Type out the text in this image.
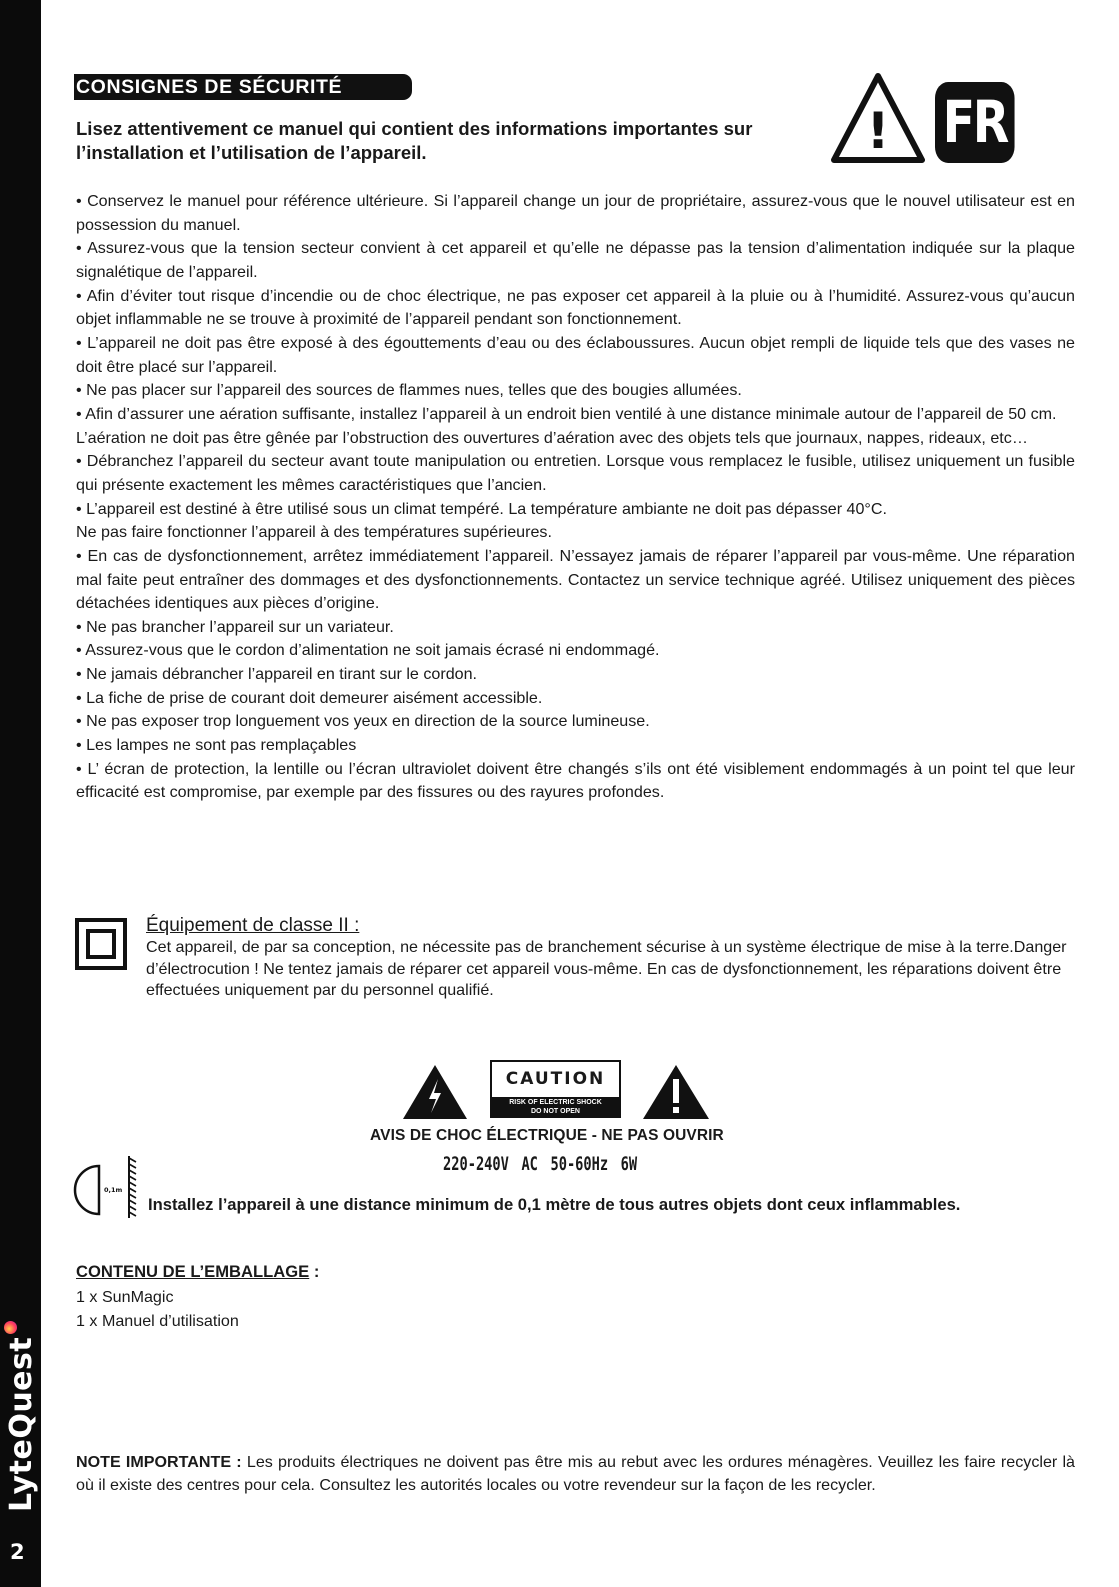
LyteQuest
2
CONSIGNES DE SÉCURITÉ
Lisez attentivement ce manuel qui contient des informations importantes sur l’installation et l’utilisation de l’appareil.	! FR

• Conservez le manuel pour référence ultérieure. Si l’appareil change un jour de propriétaire, assurez-vous que le nouvel utilisateur est en possession du manuel.

• Assurez-vous que la tension secteur convient à cet appareil et qu’elle ne dépasse pas la tension d’alimentation indiquée sur la plaque signalétique de l’appareil.

• Afin d’éviter tout risque d’incendie ou de choc électrique, ne pas exposer cet appareil à la pluie ou à l’humidité. Assurez-vous qu’aucun objet inflammable ne se trouve à proximité de l’appareil pendant son fonctionnement.

• L’appareil ne doit pas être exposé à des égouttements d’eau ou des éclaboussures. Aucun objet rempli de liquide tels que des vases ne doit être placé sur l’appareil.

• Ne pas placer sur l’appareil des sources de flammes nues, telles que des bougies allumées.

• Afin d’assurer une aération suffisante, installez l’appareil à un endroit bien ventilé à une distance minimale autour de l’appareil de 50 cm.

L’aération ne doit pas être gênée par l’obstruction des ouvertures d’aération avec des objets tels que journaux, nappes, rideaux, etc…

• Débranchez l’appareil du secteur avant toute manipulation ou entretien. Lorsque vous remplacez le fusible, utilisez uniquement un fusible qui présente exactement les mêmes caractéristiques que l’ancien.

• L’appareil est destiné à être utilisé sous un climat tempéré. La température ambiante ne doit pas dépasser 40°C.

Ne pas faire fonctionner l’appareil à des températures supérieures.

• En cas de dysfonctionnement, arrêtez immédiatement l’appareil. N’essayez jamais de réparer l’appareil par vous-même. Une réparation mal faite peut entraîner des dommages et des dysfonctionnements. Contactez un service technique agréé. Utilisez uniquement des pièces détachées identiques aux pièces d’origine.

• Ne pas brancher l’appareil sur un variateur.

• Assurez-vous que le cordon d’alimentation ne soit jamais écrasé ni endommagé.

• Ne jamais débrancher l’appareil en tirant sur le cordon.

• La fiche de prise de courant doit demeurer aisément accessible.

• Ne pas exposer trop longuement vos yeux en direction de la source lumineuse.

• Les lampes ne sont pas remplaçables

• L’ écran de protection, la lentille ou l’écran ultraviolet doivent être changés s’ils ont été visiblement endommagés à un point tel que leur efficacité est compromise, par exemple par des fissures ou des rayures profondes.

Équipement de classe II :
Cet appareil, de par sa conception, ne nécessite pas de branchement sécurise à un système électrique de mise à la terre.Danger d’électrocution ! Ne tentez jamais de réparer cet appareil vous-même. En cas de dysfonctionnement, les réparations doivent être effectuées uniquement par du personnel qualifié.
CAUTION
RISK OF ELECTRIC SHOCK
DO NOT OPEN
AVIS DE CHOC ÉLECTRIQUE - NE PAS OUVRIR
220-240V AC 50-60Hz 6W
0,1m
Installez l’appareil à une distance minimum de 0,1 mètre de tous autres objets dont ceux inflammables.
CONTENU DE L’EMBALLAGE :
1 x SunMagic
1 x Manuel d’utilisation
NOTE IMPORTANTE : Les produits électriques ne doivent pas être mis au rebut avec les ordures ménagères. Veuillez les faire recycler là où il existe des centres pour cela. Consultez les autorités locales ou votre revendeur sur la façon de les recycler.
